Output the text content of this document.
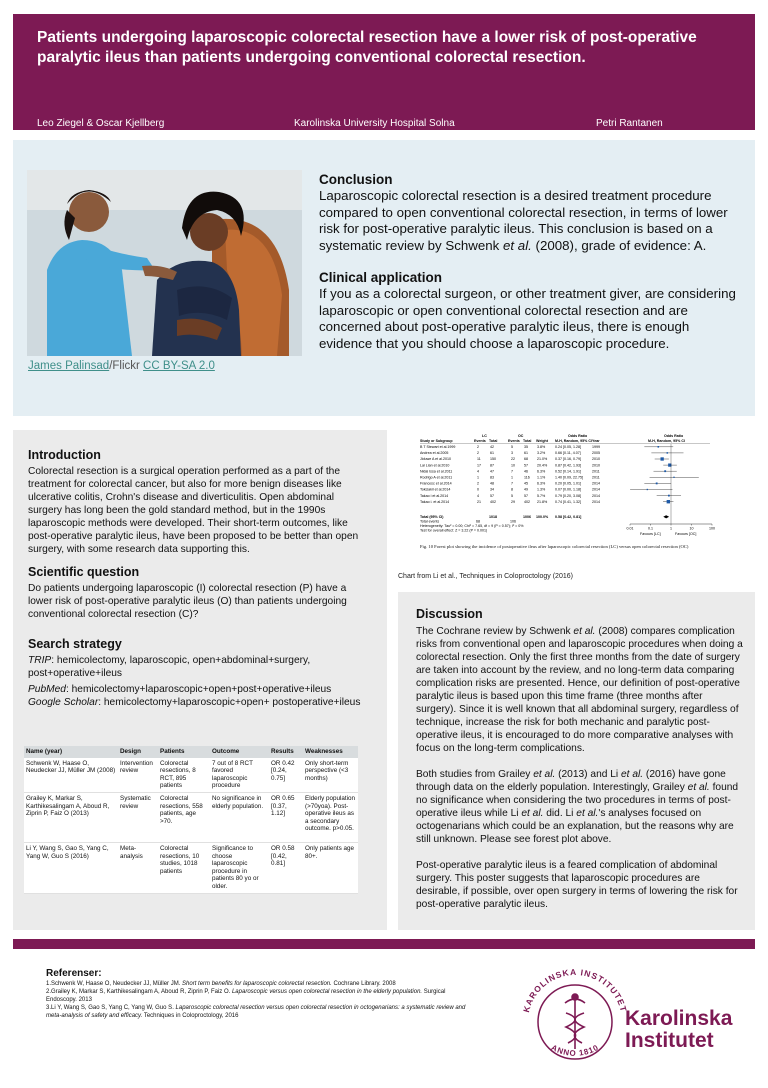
Patients undergoing laparoscopic colorectal resection have a lower risk of post-operative paralytic ileus than patients undergoing conventional colorectal resection.
Leo Ziegel & Oscar Kjellberg	Karolinska University Hospital Solna	Petri Rantanen
James Palinsad/Flickr CC BY-SA 2.0
Conclusion
Laparoscopic colorectal resection is a desired treatment procedure compared to open conventional colorectal resection, in terms of lower risk for post-operative paralytic ileus. This conclusion is based on a systematic review by Schwenk et al. (2008), grade of evidence: A.
Clinical application
If you as a colorectal surgeon, or other treatment giver, are considering laparoscopic or open conventional colorectal resection and are concerned about post-operative paralytic ileus, there is enough evidence that you should choose a laparoscopic procedure.
Introduction
Colorectal resection is a surgical operation performed as a part of the treatment for colorectal cancer, but also for more benign diseases like ulcerative colitis, Crohn's disease and diverticulitis. Open abdominal surgery has long been the gold standard method, but in the 1990s laparoscopic methods were developed. Their short-term outcomes, like post-operative paralytic ileus, have been proposed to be better than open surgery, with some research data supporting this.
Scientific question
Do patients undergoing laparoscopic (I) colorectal resection (P) have a lower risk of post-operative paralytic ileus (O) than patients undergoing conventional colorectal resection (C)?
Search strategy
TRIP: hemicolectomy, laparoscopic, open+abdominal+surgery, post+operative+ileus
PubMed: hemicolectomy+laparoscopic+open+post+operative+ileus
Google Scholar: hemicolectomy+laparoscopic+open+ postoperative+ileus
Name (year)	Design	Patients	Outcome	Results	Weaknesses
Schwenk W, Haase O, Neudecker JJ, Müller JM (2008)	Intervention review	Colorectal resections, 8 RCT, 895 patients	7 out of 8 RCT favored laparoscopic procedure	OR 0.42 [0.24, 0.75]	Only short-term perspective (<3 months)
Grailey K, Markar S, Karthikesalingam A, Aboud R, Ziprin P, Faiz O (2013)	Systematic review	Colorectal resections, 558 patients, age >70.	No significance in elderly population.	OR 0.65 [0.37, 1.12]	Elderly population (>70yoa). Post-operative ileus as a secondary outcome. p>0.05.
Li Y, Wang S, Gao S, Yang C, Yang W, Guo S (2016)	Meta-analysis	Colorectal resections, 10 studies, 1018 patients	Significance to choose laparoscopic procedure in patients 80 yo or older.	OR 0.58 [0.42, 0.81]	Only patients age 80+.
LC	OC	Odds Ratio	Odds Ratio
Study or Subgroup	Events Total	Events Total Weight M-H, Random, 95% CI Year	M-H, Random, 95% CI
B T Stewart et al.1999	2	42	5	35	3.8%	0.24 [0.05, 1.28]	1999
Andrea et al.2005	2	61	3	61	3.2%	0.66 [0.11, 4.07]	2005
Jiduwe A et al.2010	11	150	22	68	21.0% 0.37 [0.16, 0.79]	2010
Lai Lian et al.2010	17	87	10	57	20.4% 0.87 [0.42, 1.93]	2010
Nidal Issa et al.2011	4	47	7	46	6.3%	0.52 [0.14, 1.91]	2011
Rodrigo A et al.2011	1	83	1	116 1.1%	1.40 [0.09, 22.75]	2011
Francesc et al.2014	2	48	7	45	6.3%	0.20 [0.05, 1.01]	2014
Tokizakil et al.2014	0	34	8	49	1.3%	0.07 [0.00, 1.18]	2014
Takao i et al.2014	4	57	5	57	5.7%	0.79 [0.20, 3.08]	2014
Takao i. et al.2014	21	402	29	402 21.8% 0.74 [0.41, 1.32]	2014
Total (95% CI)	1018	1006 100.0% 0.58 [0.42, 0.81]
Total events	68	106
Heterogeneity: Tau² = 0.00; Chi² = 7.65, df = 9 (P = 0.57); I² = 0%
Test for overall effect: Z = 3.22 (P = 0.001)	0.01	0.1	1	10	100
Favours [LC]	Favours [OC]
Fig. 10 Forest plot showing the incidence of postoperative ileus after laparoscopic colorectal resection (LC) versus open colorectal resection (OC)
Chart from Li et al., Techniques in Coloproctology (2016)
Discussion
The Cochrane review by Schwenk et al. (2008) compares complication risks from conventional open and laparoscopic procedures when doing a colorectal resection. Only the first three months from the date of surgery are taken into account by the review, and no long-term data comparing complication risks are presented. Hence, our definition of post-operative paralytic ileus is based upon this time frame (three months after surgery). Since it is well known that all abdominal surgery, regardless of technique, increase the risk for both mechanic and paralytic post-operative ileus, it is encouraged to do more comparative analyses with focus on the long-term complications.
Both studies from Grailey et al. (2013) and Li et al. (2016) have gone through data on the elderly population. Interestingly, Grailey et al. found no significance when considering the two procedures in terms of post-operative ileus while Li et al. did. Li et al.'s analyses focused on octogenarians which could be an explanation, but the reasons why are still unknown. Please see forest plot above.
Post-operative paralytic ileus is a feared complication of abdominal surgery. This poster suggests that laparoscopic procedures are desirable, if possible, over open surgery in terms of lowering the risk for post-operative paralytic ileus.
Referenser:
1.Schwenk W, Haase O, Neudecker JJ, Müller JM. Short term benefits for laparoscopic colorectal resection. Cochrane Library. 2008
2.Grailey K, Markar S, Karthikesalingam A, Aboud R, Ziprin P, Faiz O. Laparoscopic versus open colorectal resection in the elderly population. Surgical Endoscopy. 2013
3.Li Y, Wang S, Gao S, Yang C, Yang W, Guo S. Laparoscopic colorectal resection versus open colorectal resection in octogenarians: a systematic review and meta-analysis of safety and efficacy. Techniques in Coloproctology, 2016
KAROLINSKA INSTITUTET
ANNO 1810
Karolinska
Institutet
